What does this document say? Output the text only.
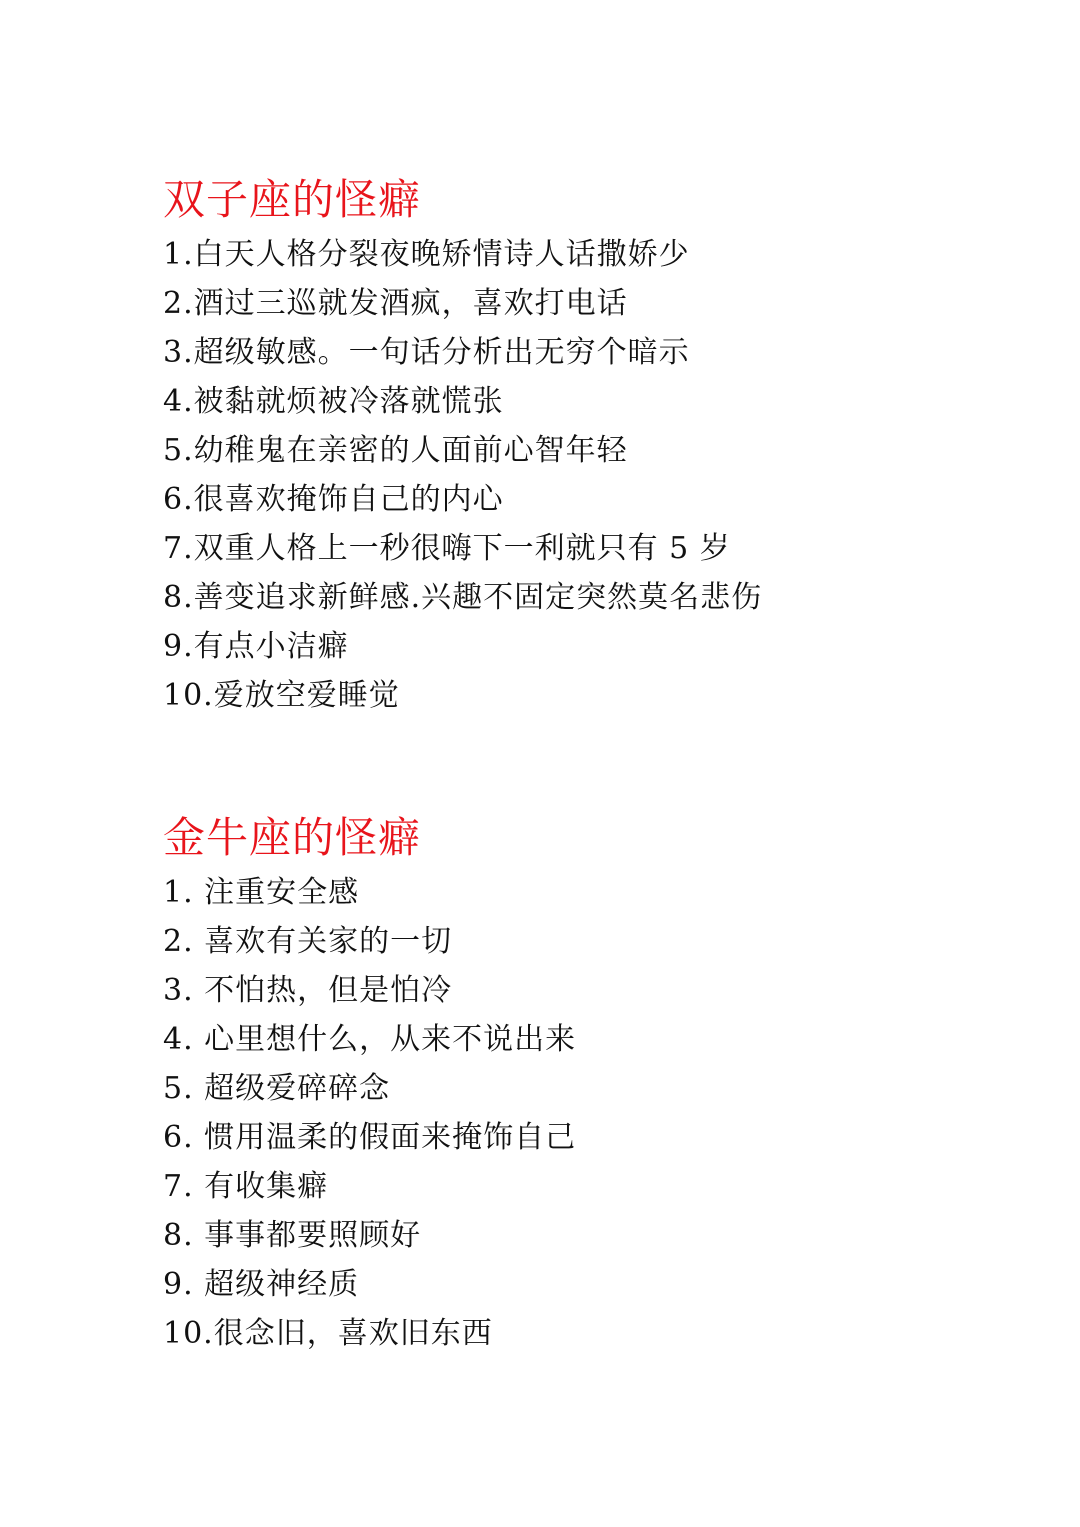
双子座的怪癖
1.白天人格分裂夜晚矫情诗人话撒娇少
2.酒过三巡就发酒疯，喜欢打电话
3.超级敏感。一句话分析出无穷个暗示
4.被黏就烦被冷落就慌张
5.幼稚鬼在亲密的人面前心智年轻
6.很喜欢掩饰自己的内心
7.双重人格上一秒很嗨下一利就只有 5 岁
8.善变追求新鲜感.兴趣不固定突然莫名悲伤
9.有点小洁癖
10.爱放空爱睡觉
金牛座的怪癖
1. 注重安全感
2. 喜欢有关家的一切
3. 不怕热，但是怕冷
4. 心里想什么，从来不说出来
5. 超级爱碎碎念
6. 惯用温柔的假面来掩饰自己
7. 有收集癖
8. 事事都要照顾好
9. 超级神经质
10.很念旧，喜欢旧东西
